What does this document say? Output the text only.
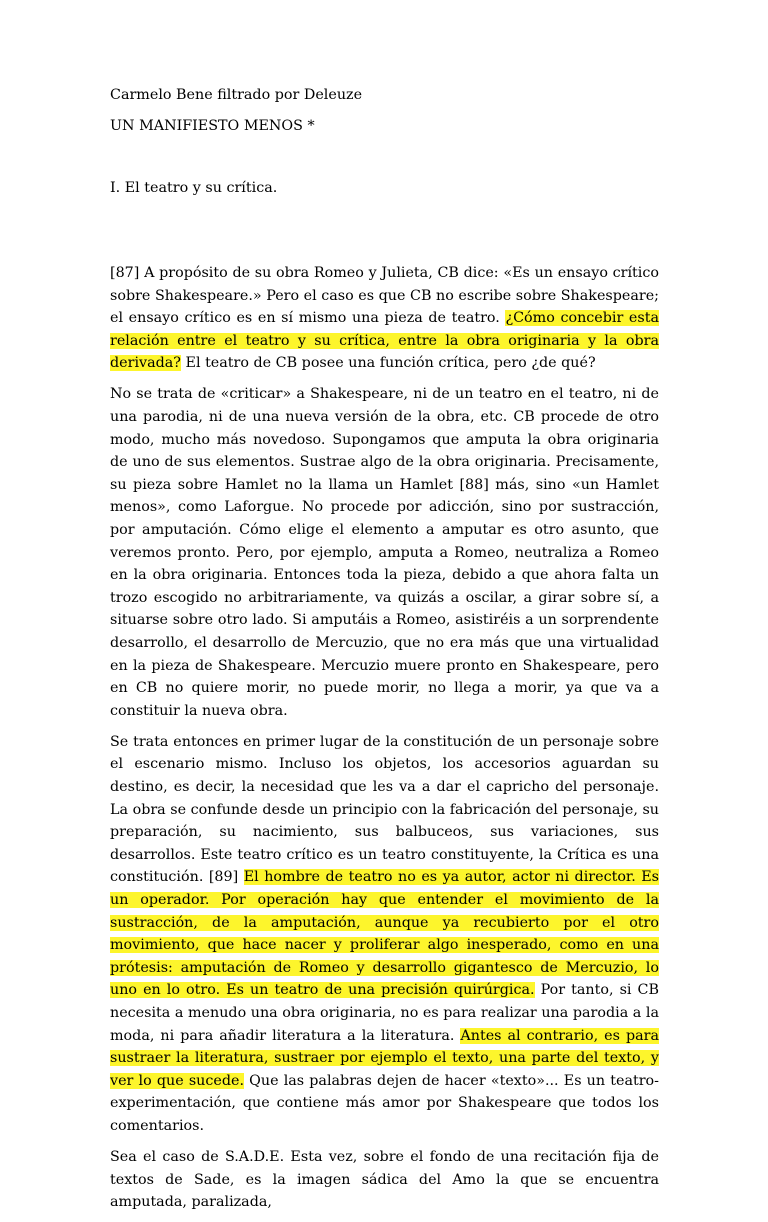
Carmelo Bene filtrado por Deleuze

UN MANIFIESTO MENOS *

I. El teatro y su crítica.

[87] A propósito de su obra Romeo y Julieta, CB dice: «Es un ensayo crítico sobre Shakespeare.» Pero el caso es que CB no escribe sobre Shakespeare; el ensayo crítico es en sí mismo una pieza de teatro. ¿Cómo concebir esta relación entre el teatro y su crítica, entre la obra originaria y la obra derivada? El teatro de CB posee una función crítica, pero ¿de qué?

No se trata de «criticar» a Shakespeare, ni de un teatro en el teatro, ni de una parodia, ni de una nueva versión de la obra, etc. CB procede de otro modo, mucho más novedoso. Supongamos que amputa la obra originaria de uno de sus elementos. Sustrae algo de la obra originaria. Precisamente, su pieza sobre Hamlet no la llama un Hamlet [88] más, sino «un Hamlet menos», como Laforgue. No procede por adicción, sino por sustracción, por amputación. Cómo elige el elemento a amputar es otro asunto, que veremos pronto. Pero, por ejemplo, amputa a Romeo, neutraliza a Romeo en la obra originaria. Entonces toda la pieza, debido a que ahora falta un trozo escogido no arbitrariamente, va quizás a oscilar, a girar sobre sí, a situarse sobre otro lado. Si amputáis a Romeo, asistiréis a un sorprendente desarrollo, el desarrollo de Mercuzio, que no era más que una virtualidad en la pieza de Shakespeare. Mercuzio muere pronto en Shakespeare, pero en CB no quiere morir, no puede morir, no llega a morir, ya que va a constituir la nueva obra.

Se trata entonces en primer lugar de la constitución de un personaje sobre el escenario mismo. Incluso los objetos, los accesorios aguardan su destino, es decir, la necesidad que les va a dar el capricho del personaje. La obra se confunde desde un principio con la fabricación del personaje, su preparación, su nacimiento, sus balbuceos, sus variaciones, sus desarrollos. Este teatro crítico es un teatro constituyente, la Crítica es una constitución. [89] El hombre de teatro no es ya autor, actor ni director. Es un operador. Por operación hay que entender el movimiento de la sustracción, de la amputación, aunque ya recubierto por el otro movimiento, que hace nacer y proliferar algo inesperado, como en una prótesis: amputación de Romeo y desarrollo gigantesco de Mercuzio, lo uno en lo otro. Es un teatro de una precisión quirúrgica. Por tanto, si CB necesita a menudo una obra originaria, no es para realizar una parodia a la moda, ni para añadir literatura a la literatura. Antes al contrario, es para sustraer la literatura, sustraer por ejemplo el texto, una parte del texto, y ver lo que sucede. Que las palabras dejen de hacer «texto»... Es un teatro-experimentación, que contiene más amor por Shakespeare que todos los comentarios.

Sea el caso de S.A.D.E. Esta vez, sobre el fondo de una recitación fija de textos de Sade, es la imagen sádica del Amo la que se encuentra amputada, paralizada,
